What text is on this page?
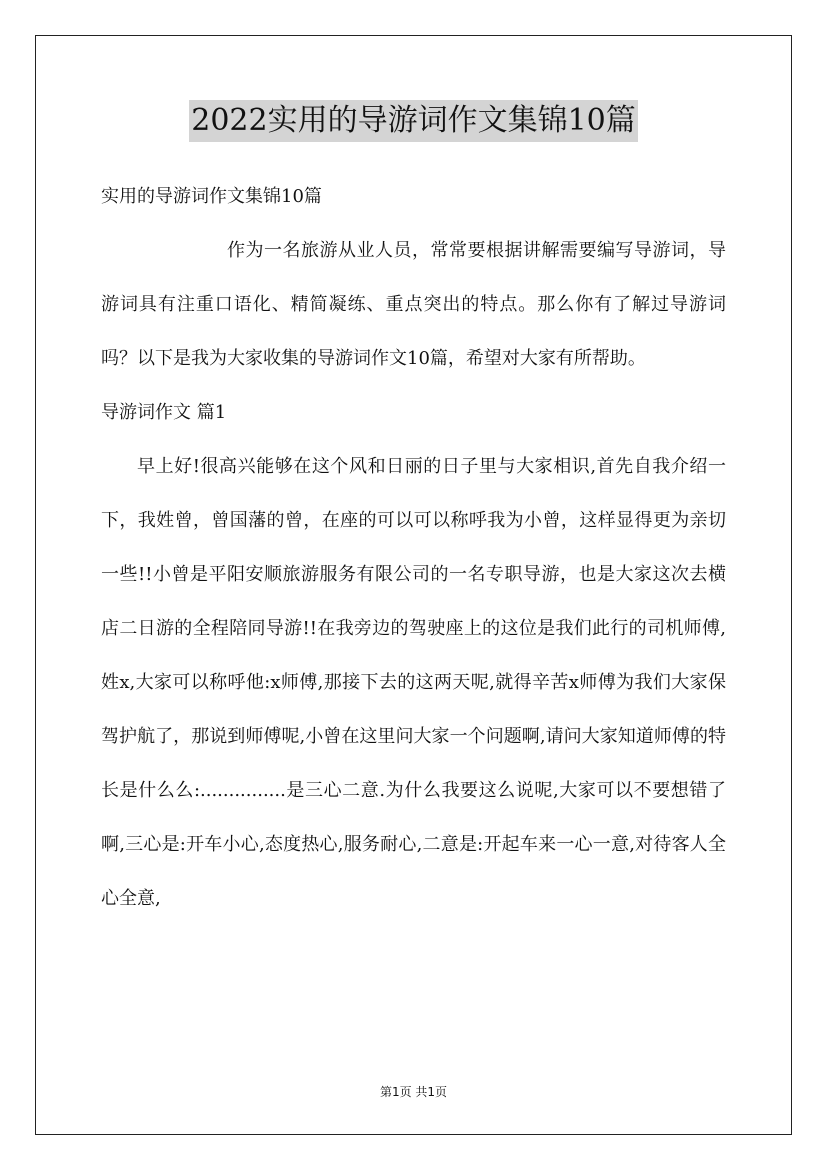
2022实用的导游词作文集锦10篇

实用的导游词作文集锦10篇

作为一名旅游从业人员，常常要根据讲解需要编写导游词，导游词具有注重口语化、精简凝练、重点突出的特点。那么你有了解过导游词吗？以下是我为大家收集的导游词作文10篇，希望对大家有所帮助。

导游词作文 篇1

早上好!很高兴能够在这个风和日丽的日子里与大家相识,首先自我介绍一下，我姓曾，曾国藩的曾，在座的可以可以称呼我为小曾，这样显得更为亲切一些!!小曾是平阳安顺旅游服务有限公司的一名专职导游，也是大家这次去横店二日游的全程陪同导游!!在我旁边的驾驶座上的这位是我们此行的司机师傅,姓x,大家可以称呼他:x师傅,那接下去的这两天呢,就得辛苦x师傅为我们大家保驾护航了，那说到师傅呢,小曾在这里问大家一个问题啊,请问大家知道师傅的特长是什么么:...............是三心二意.为什么我要这么说呢,大家可以不要想错了啊,三心是:开车小心,态度热心,服务耐心,二意是:开起车来一心一意,对待客人全心全意,

第1页 共1页
